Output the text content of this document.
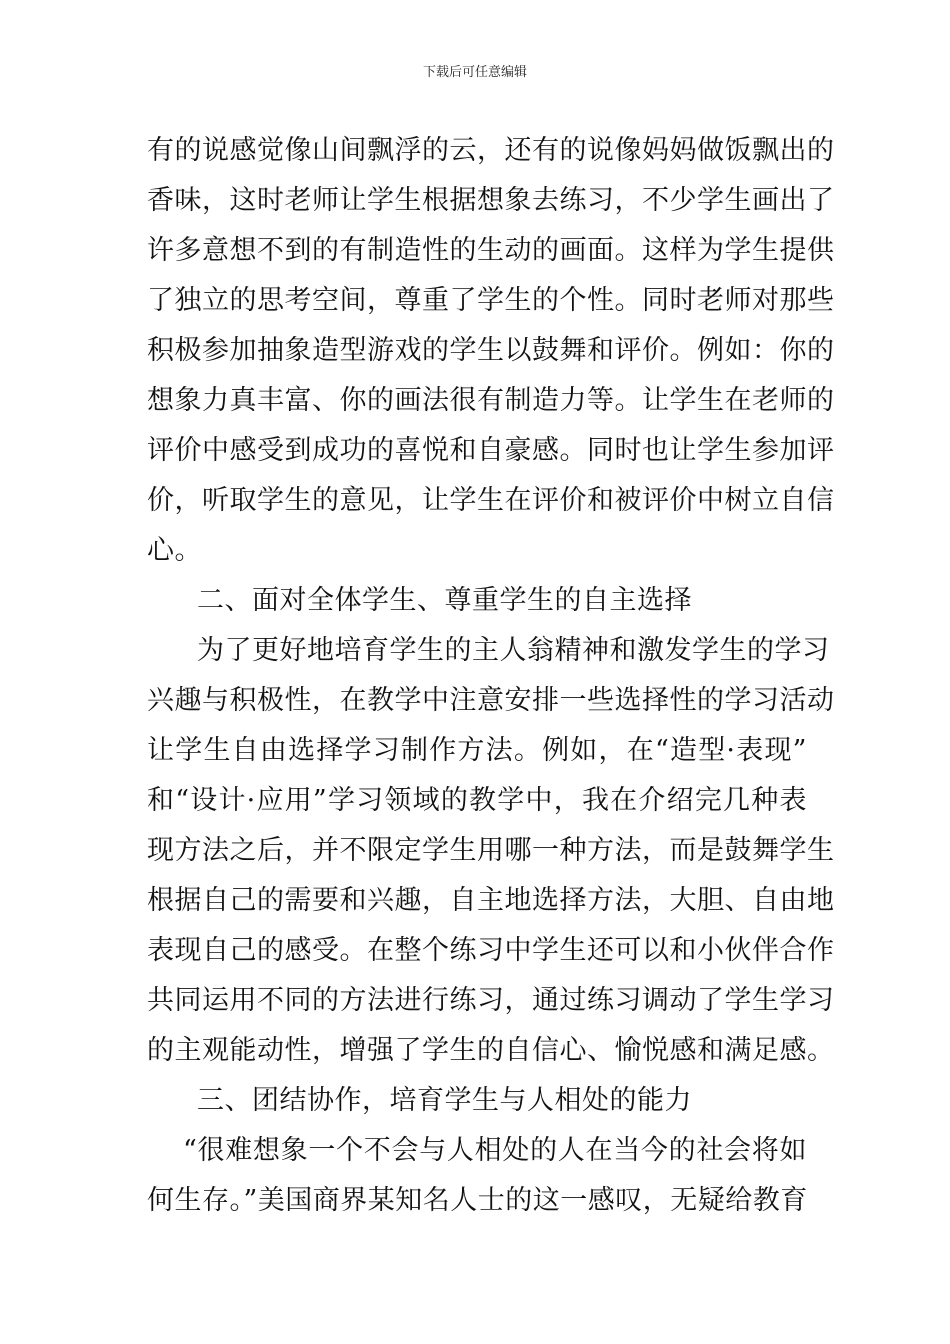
下载后可任意编辑
有的说感觉像山间飘浮的云，还有的说像妈妈做饭飘出的
香味，这时老师让学生根据想象去练习，不少学生画出了
许多意想不到的有制造性的生动的画面。这样为学生提供
了独立的思考空间，尊重了学生的个性。同时老师对那些
积极参加抽象造型游戏的学生以鼓舞和评价。例如：你的
想象力真丰富、你的画法很有制造力等。让学生在老师的
评价中感受到成功的喜悦和自豪感。同时也让学生参加评
价，听取学生的意见，让学生在评价和被评价中树立自信
心。
二、面对全体学生、尊重学生的自主选择
为了更好地培育学生的主人翁精神和激发学生的学习
兴趣与积极性，在教学中注意安排一些选择性的学习活动
让学生自由选择学习制作方法。例如，在“造型·表现”
和“设计·应用”学习领域的教学中，我在介绍完几种表
现方法之后，并不限定学生用哪一种方法，而是鼓舞学生
根据自己的需要和兴趣，自主地选择方法，大胆、自由地
表现自己的感受。在整个练习中学生还可以和小伙伴合作
共同运用不同的方法进行练习，通过练习调动了学生学习
的主观能动性，增强了学生的自信心、愉悦感和满足感。
三、团结协作，培育学生与人相处的能力
“很难想象一个不会与人相处的人在当今的社会将如
何生存。”美国商界某知名人士的这一感叹，无疑给教育
